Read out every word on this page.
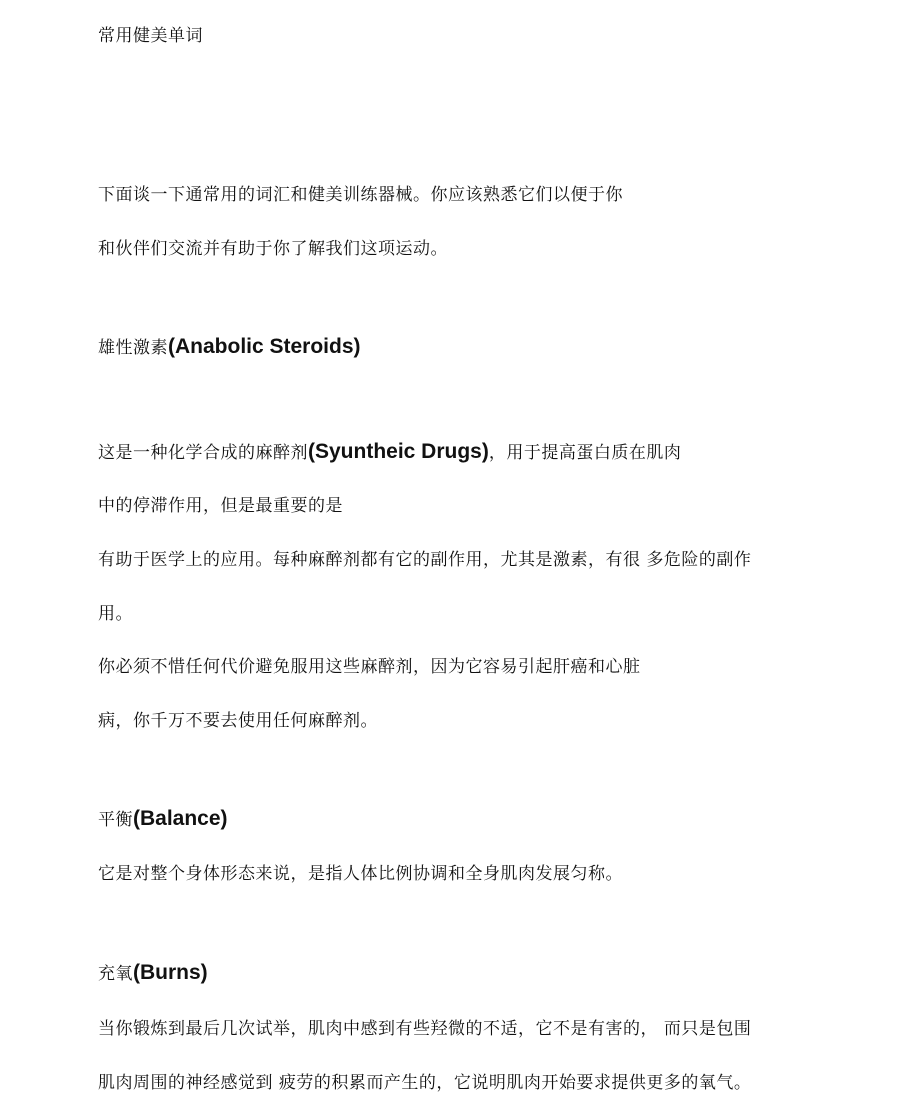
常用健美单词
下面谈一下通常用的词汇和健美训练器械。你应该熟悉它们以便于你
和伙伴们交流并有助于你了解我们这项运动。
雄性激素(Anabolic Steroids)
这是一种化学合成的麻醉剂(Syuntheic Drugs)，用于提高蛋白质在肌肉
中的停滞作用，但是最重要的是
有助于医学上的应用。每种麻醉剂都有它的副作用，尤其是激素，有很 多危险的副作
用。
你必须不惜任何代价避免服用这些麻醉剂，因为它容易引起肝癌和心脏
病，你千万不要去使用任何麻醉剂。
平衡(Balance)
它是对整个身体形态来说，是指人体比例协调和全身肌肉发展匀称。
充氧(Burns)
当你锻炼到最后几次试举，肌肉中感到有些羟微的不适，它不是有害的， 而只是包围
肌肉周围的神经感觉到 疲劳的积累而产生的，它说明肌肉开始要求提供更多的氧气。
